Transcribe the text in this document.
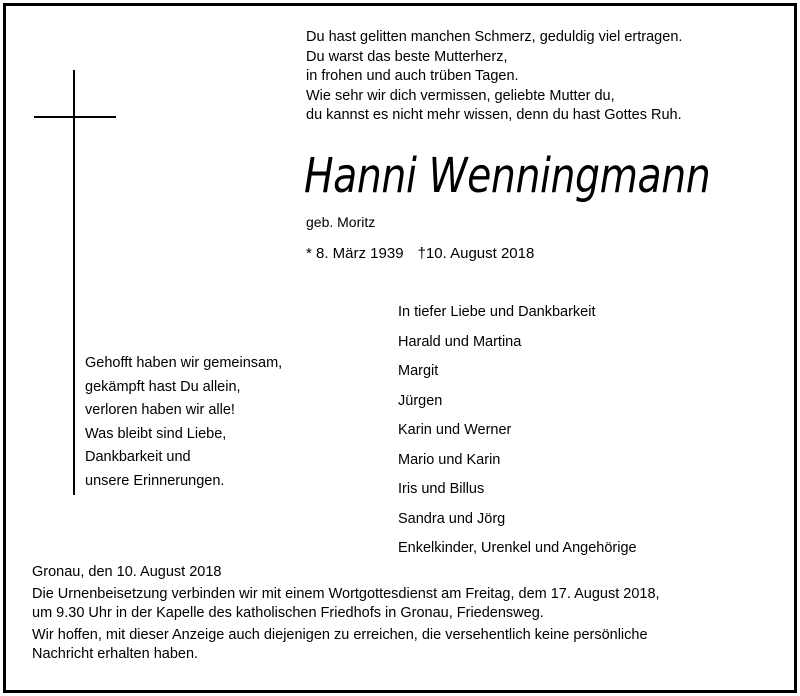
Du hast gelitten manchen Schmerz, geduldig viel ertragen.
Du warst das beste Mutterherz,
in frohen und auch trüben Tagen.
Wie sehr wir dich vermissen, geliebte Mutter du,
du kannst es nicht mehr wissen, denn du hast Gottes Ruh.
Hanni Wenningmann
geb. Moritz
* 8. März 1939 †10. August 2018
Gehofft haben wir gemeinsam,
gekämpft hast Du allein,
verloren haben wir alle!
Was bleibt sind Liebe,
Dankbarkeit und
unsere Erinnerungen.
In tiefer Liebe und Dankbarkeit
Harald und Martina
Margit
Jürgen
Karin und Werner
Mario und Karin
Iris und Billus
Sandra und Jörg
Enkelkinder, Urenkel und Angehörige
Gronau, den 10. August 2018
Die Urnenbeisetzung verbinden wir mit einem Wortgottesdienst am Freitag, dem 17. August 2018,
um 9.30 Uhr in der Kapelle des katholischen Friedhofs in Gronau, Friedensweg.
Wir hoffen, mit dieser Anzeige auch diejenigen zu erreichen, die versehentlich keine persönliche
Nachricht erhalten haben.
